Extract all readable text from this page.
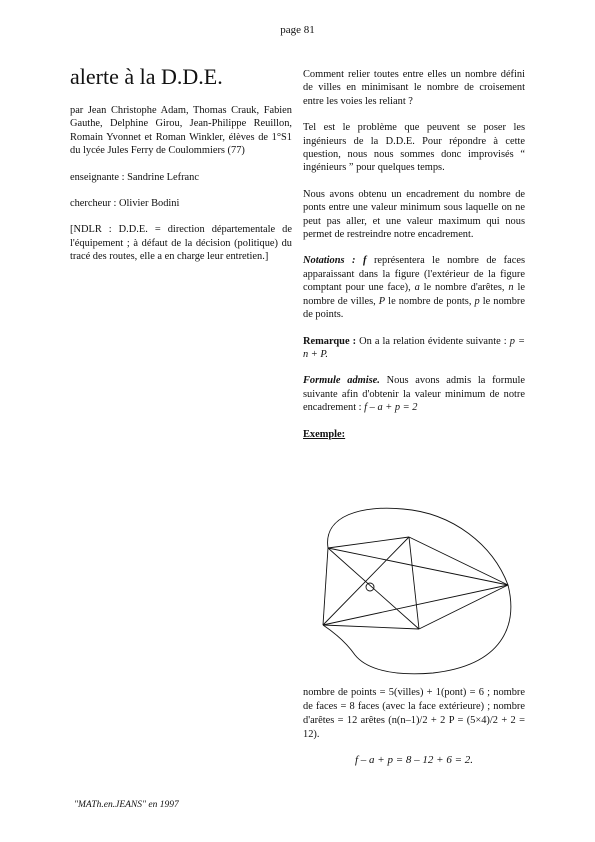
page 81
alerte à la D.D.E.

par Jean Christophe Adam, Thomas Crauk, Fabien Gauthe, Delphine Girou, Jean-Philippe Reuillon, Romain Yvonnet et Roman Winkler, élèves de 1°S1 du lycée Jules Ferry de Coulommiers (77)

enseignante : Sandrine Lefranc

chercheur : Olivier Bodini

[NDLR : D.D.E. = direction départementale de l'équipement ; à défaut de la décision (politique) du tracé des routes, elle a en charge leur entretien.]

Comment relier toutes entre elles un nombre défini de villes en minimisant le nombre de croisement entre les voies les reliant ?

Tel est le problème que peuvent se poser les ingénieurs de la D.D.E. Pour répondre à cette question, nous nous sommes donc improvisés “ ingénieurs ” pour quelques temps.

Nous avons obtenu un encadrement du nombre de ponts entre une valeur minimum sous laquelle on ne peut pas aller, et une valeur maximum qui nous permet de restreindre notre encadrement.

Notations : f représentera le nombre de faces apparaissant dans la figure (l'extérieur de la figure comptant pour une face), a le nombre d'arêtes, n le nombre de villes, P le nombre de ponts, p le nombre de points.

Remarque : On a la relation évidente suivante : p = n + P.

Formule admise. Nous avons admis la formule suivante afin d'obtenir la valeur minimum de notre encadrement : f – a + p = 2

Exemple:

nombre de points = 5(villes) + 1(pont) = 6 ; nombre de faces = 8 faces (avec la face extérieure) ; nombre d'arêtes = 12 arêtes (n(n–1)/2 + 2 P = (5×4)/2 + 2 = 12).
f – a + p = 8 – 12 + 6 = 2.
"MATh.en.JEANS" en 1997
